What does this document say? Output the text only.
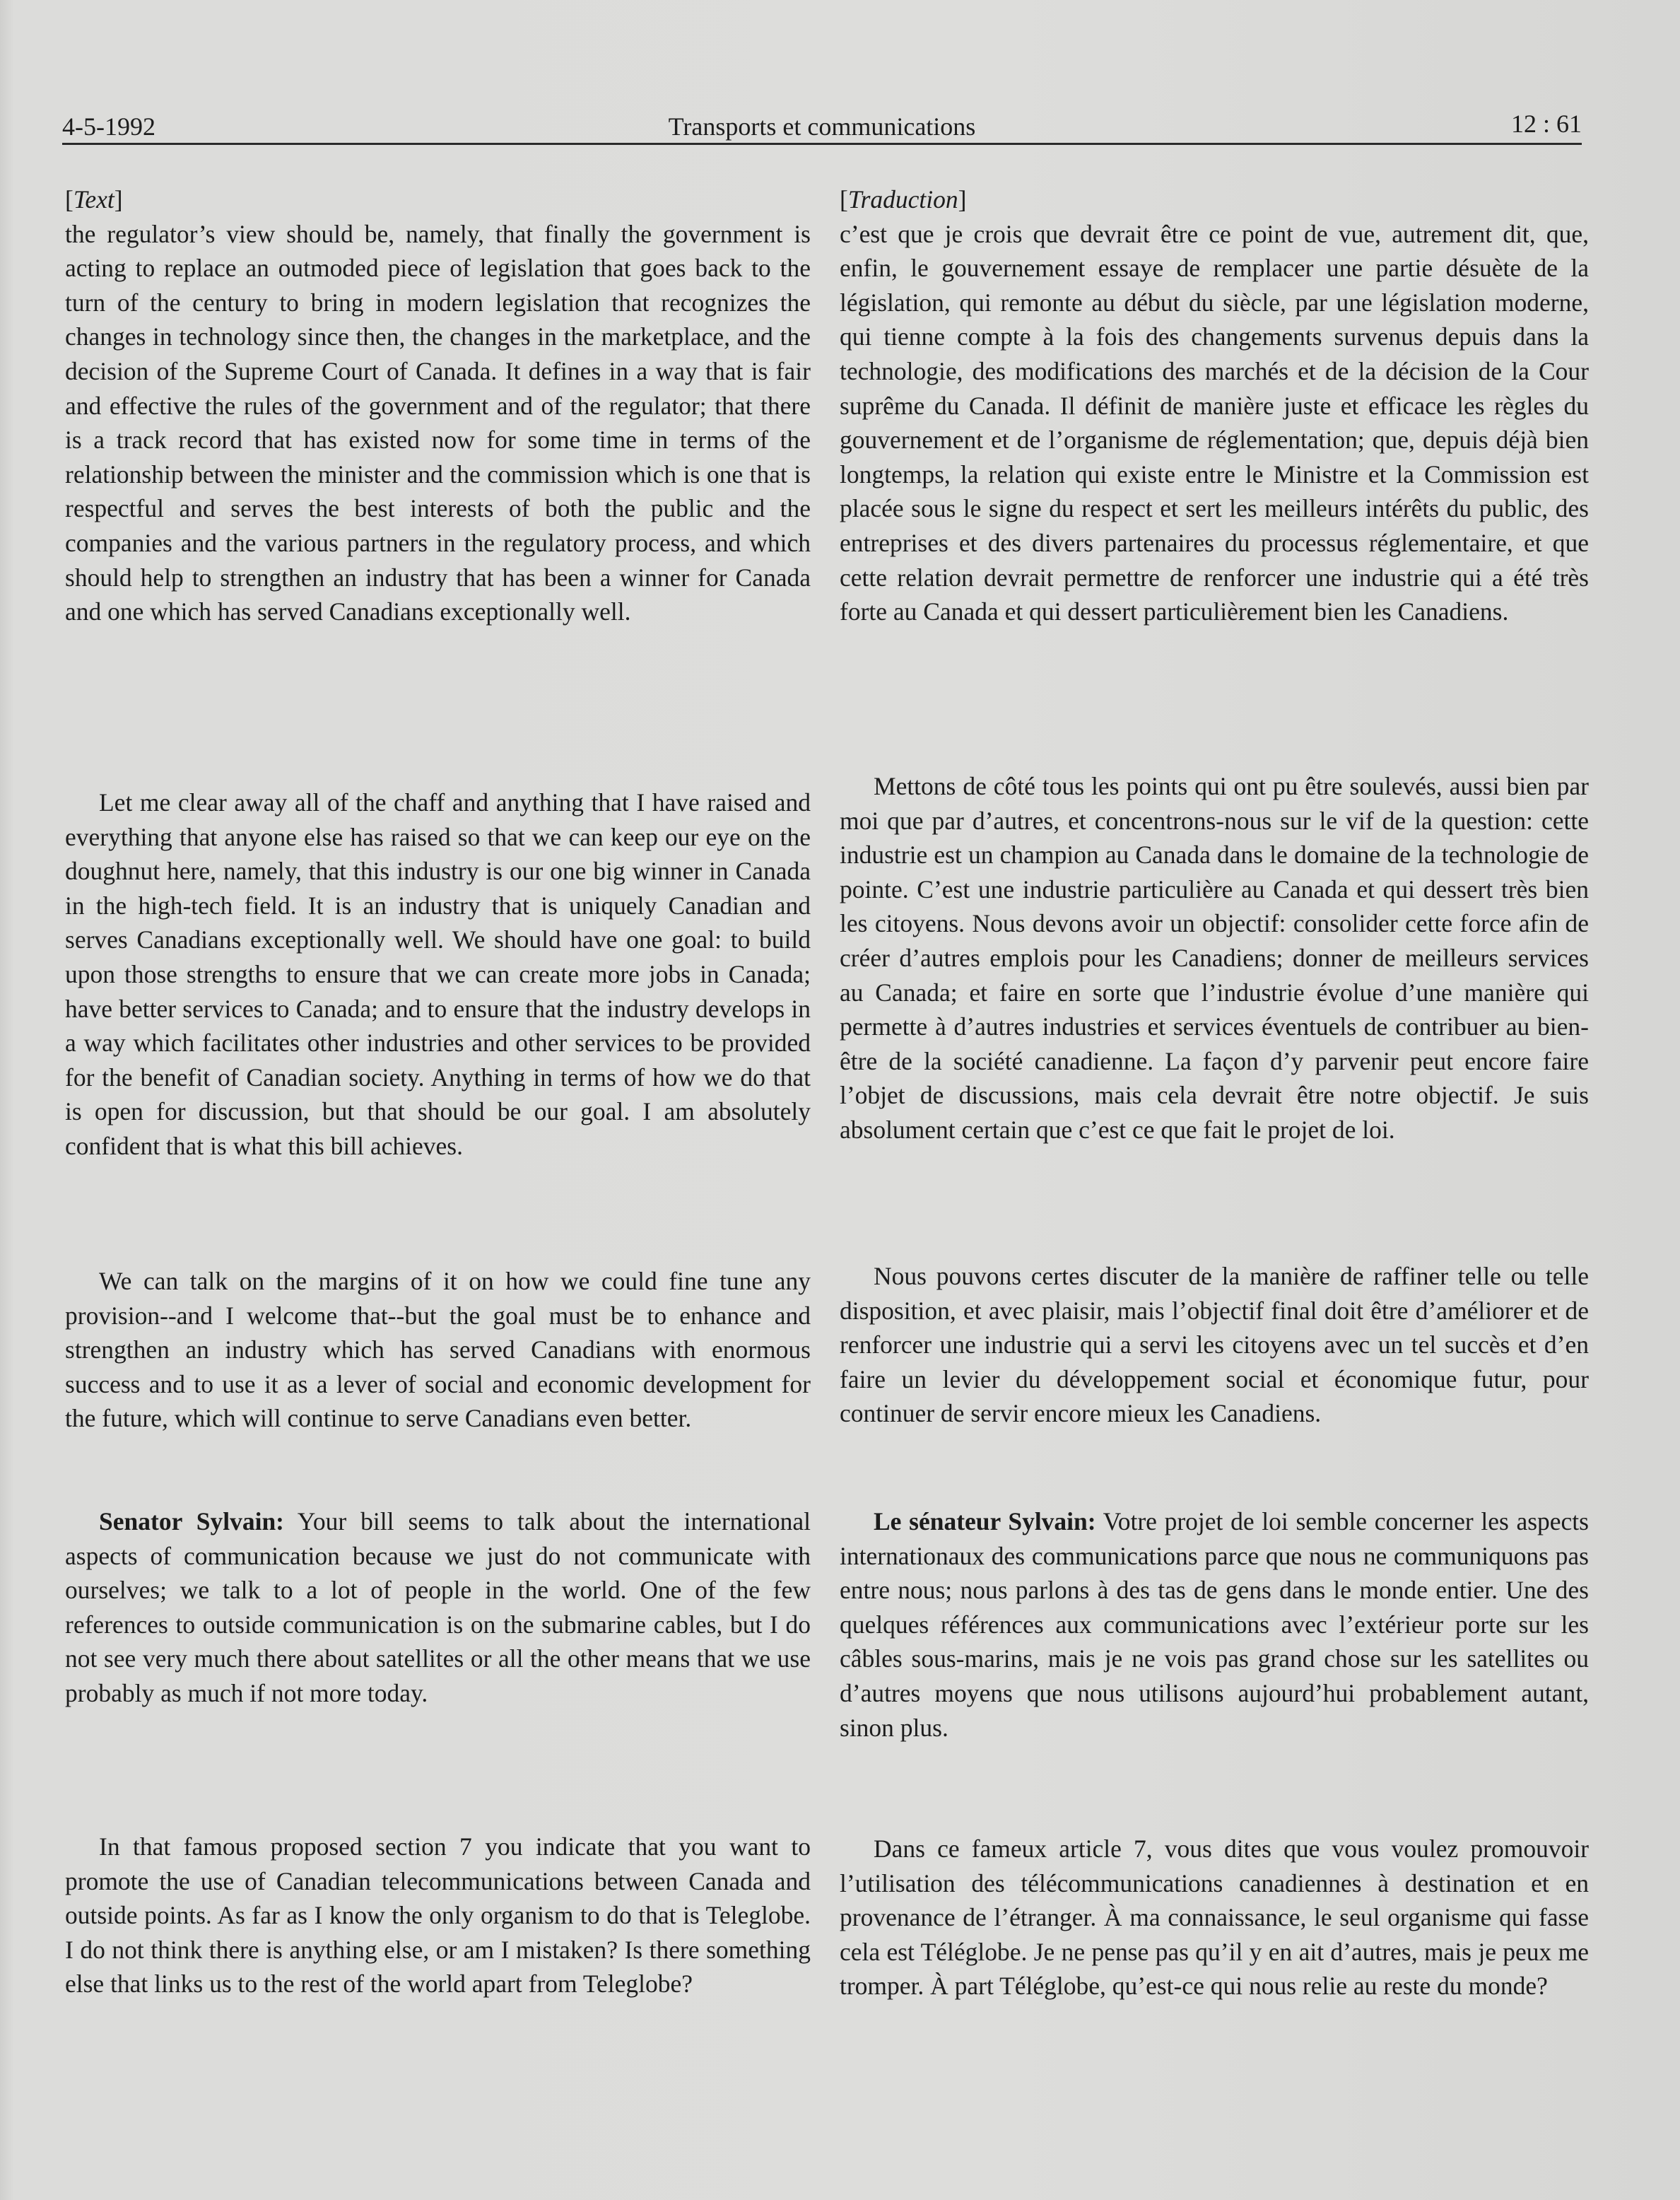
4-5-1992	Transports et communications	12 : 61
[Text]

the regulator’s view should be, namely, that finally the government is acting to replace an outmoded piece of legislation that goes back to the turn of the century to bring in modern legislation that recognizes the changes in technology since then, the changes in the marketplace, and the decision of the Supreme Court of Canada. It defines in a way that is fair and effective the rules of the government and of the regulator; that there is a track record that has existed now for some time in terms of the relationship between the minister and the commission which is one that is respectful and serves the best interests of both the public and the companies and the various partners in the regulatory process, and which should help to strengthen an industry that has been a winner for Canada and one which has served Canadians exceptionally well.

Let me clear away all of the chaff and anything that I have raised and everything that anyone else has raised so that we can keep our eye on the doughnut here, namely, that this industry is our one big winner in Canada in the high-tech field. It is an industry that is uniquely Canadian and serves Canadians exceptionally well. We should have one goal: to build upon those strengths to ensure that we can create more jobs in Canada; have better services to Canada; and to ensure that the industry develops in a way which facilitates other industries and other services to be provided for the benefit of Canadian society. Anything in terms of how we do that is open for discussion, but that should be our goal. I am absolutely confident that is what this bill achieves.

We can talk on the margins of it on how we could fine tune any provision--and I welcome that--but the goal must be to enhance and strengthen an industry which has served Canadians with enormous success and to use it as a lever of social and economic development for the future, which will continue to serve Canadians even better.

Senator Sylvain: Your bill seems to talk about the international aspects of communication because we just do not communicate with ourselves; we talk to a lot of people in the world. One of the few references to outside communication is on the submarine cables, but I do not see very much there about satellites or all the other means that we use probably as much if not more today.

In that famous proposed section 7 you indicate that you want to promote the use of Canadian telecommunications between Canada and outside points. As far as I know the only organism to do that is Teleglobe. I do not think there is anything else, or am I mistaken? Is there something else that links us to the rest of the world apart from Teleglobe?

[Traduction]

c’est que je crois que devrait être ce point de vue, autrement dit, que, enfin, le gouvernement essaye de remplacer une partie désuète de la législation, qui remonte au début du siècle, par une législation moderne, qui tienne compte à la fois des changements survenus depuis dans la technologie, des modifications des marchés et de la décision de la Cour suprême du Canada. Il définit de manière juste et efficace les règles du gouvernement et de l’organisme de réglementation; que, depuis déjà bien longtemps, la relation qui existe entre le Ministre et la Commission est placée sous le signe du respect et sert les meilleurs intérêts du public, des entreprises et des divers partenaires du processus réglementaire, et que cette relation devrait permettre de renforcer une industrie qui a été très forte au Canada et qui dessert particulièrement bien les Canadiens.

Mettons de côté tous les points qui ont pu être soulevés, aussi bien par moi que par d’autres, et concentrons-nous sur le vif de la question: cette industrie est un champion au Canada dans le domaine de la technologie de pointe. C’est une industrie particulière au Canada et qui dessert très bien les citoyens. Nous devons avoir un objectif: consolider cette force afin de créer d’autres emplois pour les Canadiens; donner de meilleurs services au Canada; et faire en sorte que l’industrie évolue d’une manière qui permette à d’autres industries et services éventuels de contribuer au bien-être de la société canadienne. La façon d’y parvenir peut encore faire l’objet de discussions, mais cela devrait être notre objectif. Je suis absolument certain que c’est ce que fait le projet de loi.

Nous pouvons certes discuter de la manière de raffiner telle ou telle disposition, et avec plaisir, mais l’objectif final doit être d’améliorer et de renforcer une industrie qui a servi les citoyens avec un tel succès et d’en faire un levier du développement social et économique futur, pour continuer de servir encore mieux les Canadiens.

Le sénateur Sylvain: Votre projet de loi semble concerner les aspects internationaux des communications parce que nous ne communiquons pas entre nous; nous parlons à des tas de gens dans le monde entier. Une des quelques références aux communications avec l’extérieur porte sur les câbles sous-marins, mais je ne vois pas grand chose sur les satellites ou d’autres moyens que nous utilisons aujourd’hui probablement autant, sinon plus.

Dans ce fameux article 7, vous dites que vous voulez promouvoir l’utilisation des télécommunications canadiennes à destination et en provenance de l’étranger. À ma connaissance, le seul organisme qui fasse cela est Téléglobe. Je ne pense pas qu’il y en ait d’autres, mais je peux me tromper. À part Téléglobe, qu’est-ce qui nous relie au reste du monde?
